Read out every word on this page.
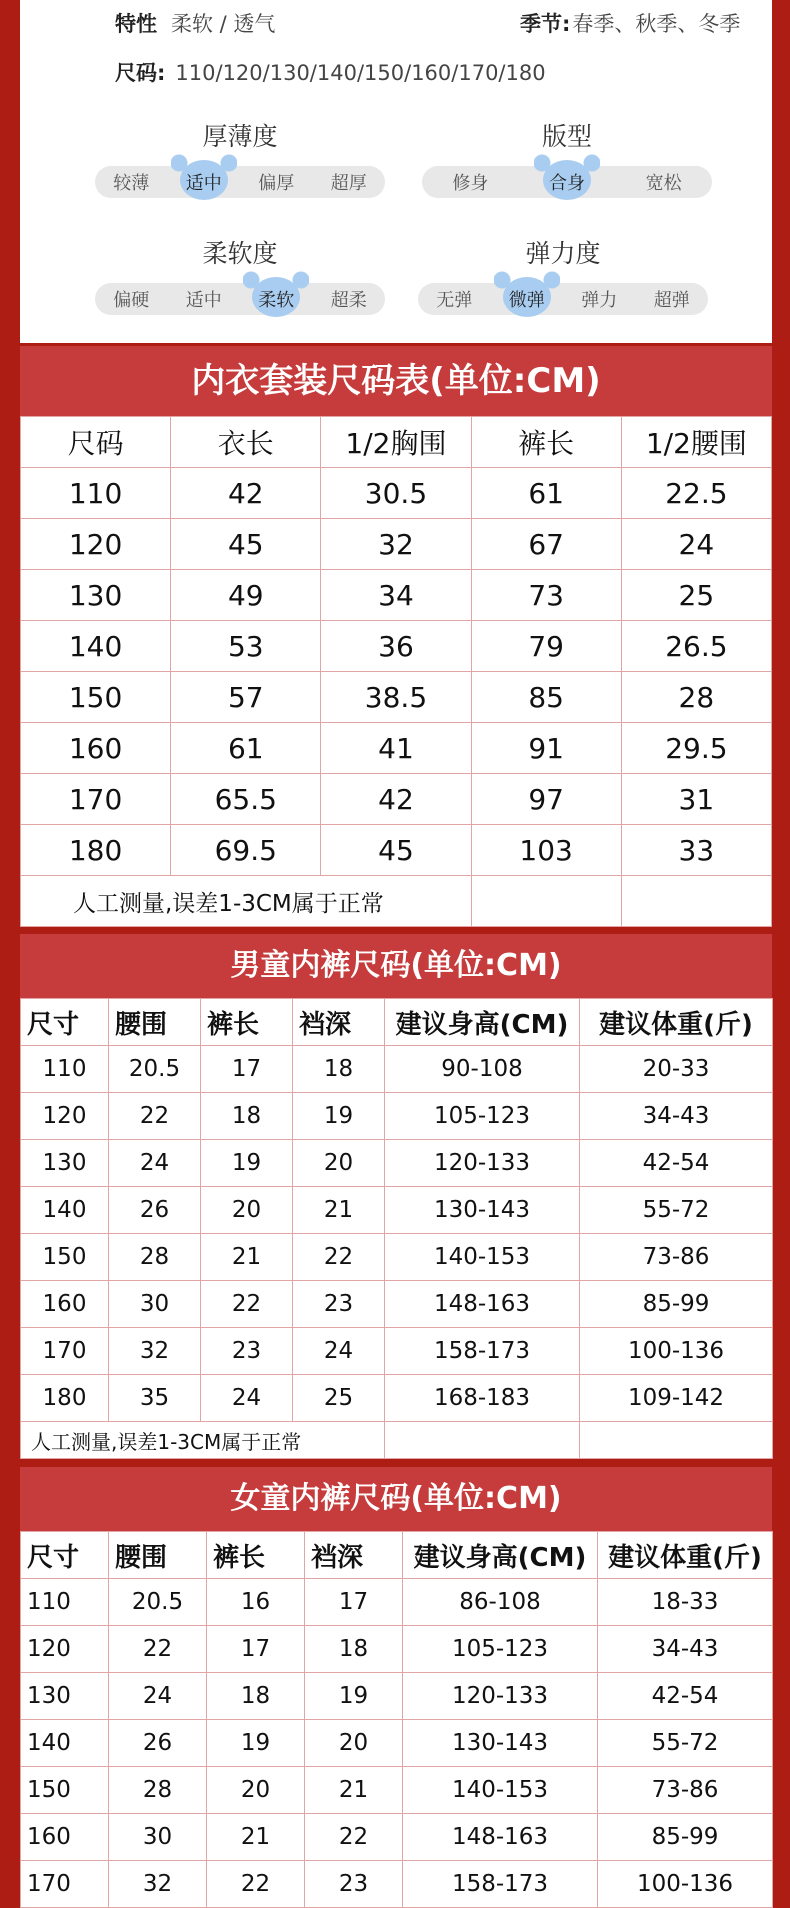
特性 柔软 / 透气	季节:春季、秋季、冬季
尺码: 110/120/130/140/150/160/170/180
厚薄度
较薄	适中	偏厚	超厚
版型
修身	合身	宽松
柔软度
偏硬	适中	柔软	超柔
弹力度
无弹	微弹	弹力	超弹
内衣套装尺码表(单位:CM)
尺码	衣长	1/2胸围	裤长	1/2腰围
110	42	30.5	61	22.5
120	45	32	67	24
130	49	34	73	25
140	53	36	79	26.5
150	57	38.5	85	28
160	61	41	91	29.5
170	65.5	42	97	31
180	69.5	45	103	33
人工测量,误差1-3CM属于正常				
男童内裤尺码(单位:CM)
尺寸	腰围	裤长	裆深	建议身高(CM)	建议体重(斤)
110	20.5	17	18	90-108	20-33
120	22	18	19	105-123	34-43
130	24	19	20	120-133	42-54
140	26	20	21	130-143	55-72
150	28	21	22	140-153	73-86
160	30	22	23	148-163	85-99
170	32	23	24	158-173	100-136
180	35	24	25	168-183	109-142
人工测量,误差1-3CM属于正常					
女童内裤尺码(单位:CM)
尺寸	腰围	裤长	裆深	建议身高(CM)	建议体重(斤)
110	20.5	16	17	86-108	18-33
120	22	17	18	105-123	34-43
130	24	18	19	120-133	42-54
140	26	19	20	130-143	55-72
150	28	20	21	140-153	73-86
160	30	21	22	148-163	85-99
170	32	22	23	158-173	100-136
